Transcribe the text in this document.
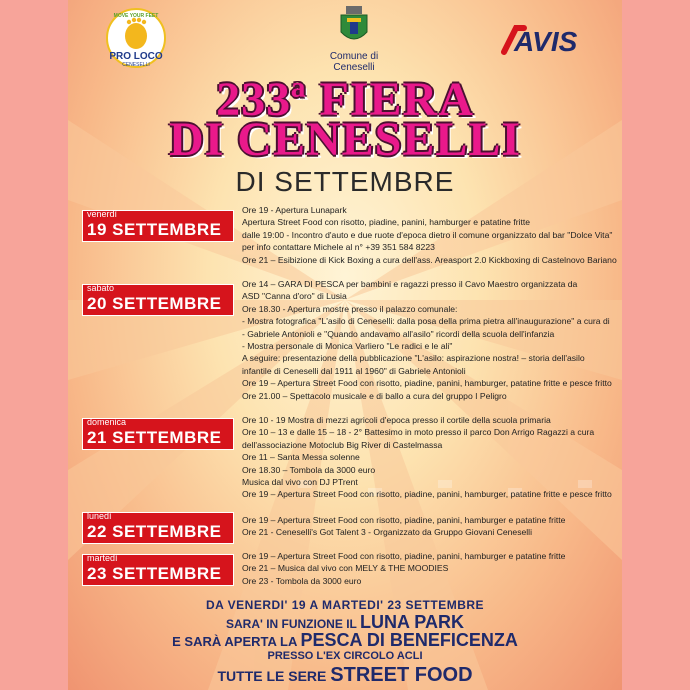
MOVE YOUR FEET
PRO LOCO
CENESELLI
Comune di
Ceneselli
AVIS
233ª FIERA
DI CENESELLI
DI SETTEMBRE
venerdì
19 SETTEMBRE
Ore 19 - Apertura Lunapark
Apertura Street Food con risotto, piadine, panini, hamburger e patatine fritte
dalle 19:00 - Incontro d'auto e due ruote d'epoca dietro il comune organizzato dal bar "Dolce Vita"
per info contattare Michele al n° +39 351 584 8223
Ore 21 – Esibizione di Kick Boxing a cura dell'ass. Areasport 2.0 Kickboxing di Castelnovo Bariano
sabato
20 SETTEMBRE
Ore 14 – GARA DI PESCA per bambini e ragazzi presso il Cavo Maestro organizzata da
ASD "Canna d'oro" di Lusia
Ore 18.30 - Apertura mostre presso il palazzo comunale:
- Mostra fotografica "L'asilo di Ceneselli: dalla posa della prima pietra all'inaugurazione" a cura di
- Gabriele Antonioli e "Quando andavamo all'asilo" ricordi della scuola dell'infanzia
- Mostra personale di Monica Varliero "Le radici e le ali"
A seguire: presentazione della pubblicazione "L'asilo: aspirazione nostra! – storia dell'asilo
infantile di Ceneselli dal 1911 al 1960" di Gabriele Antonioli
Ore 19 – Apertura Street Food con risotto, piadine, panini, hamburger, patatine fritte e pesce fritto
Ore 21.00 – Spettacolo musicale e di ballo a cura del gruppo I Peligro
domenica
21 SETTEMBRE
Ore 10 - 19 Mostra di mezzi agricoli d'epoca presso il cortile della scuola primaria
Ore 10 – 13 e dalle 15 – 18 - 2° Battesimo in moto presso il parco Don Arrigo Ragazzi a cura
dell'associazione Motoclub Big River di Castelmassa
Ore 11 – Santa Messa solenne
Ore 18.30 – Tombola da 3000 euro
Musica dal vivo con DJ PTrent
Ore 19 – Apertura Street Food con risotto, piadine, panini, hamburger, patatine fritte e pesce fritto
lunedì
22 SETTEMBRE
Ore 19 – Apertura Street Food con risotto, piadine, panini, hamburger e patatine fritte
Ore 21 - Ceneselli's Got Talent 3 - Organizzato da Gruppo Giovani Ceneselli
martedì
23 SETTEMBRE
Ore 19 – Apertura Street Food con risotto, piadine, panini, hamburger e patatine fritte
Ore 21 – Musica dal vivo con MELY & THE MOODIES
Ore 23 - Tombola da 3000 euro
DA VENERDI' 19 A MARTEDI' 23 SETTEMBRE
SARA' IN FUNZIONE IL LUNA PARK
E SARÀ APERTA LA PESCA DI BENEFICENZA
PRESSO L'EX CIRCOLO ACLI
TUTTE LE SERE STREET FOOD
